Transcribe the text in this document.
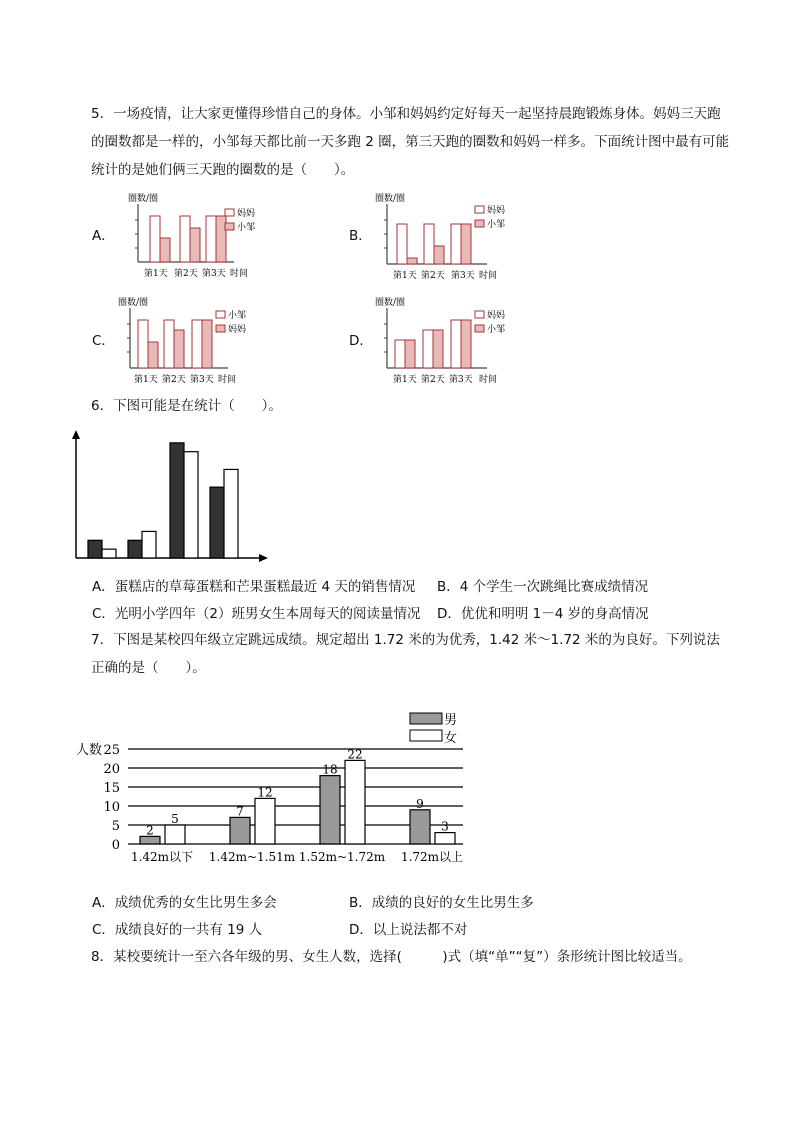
5．一场疫情，让大家更懂得珍惜自己的身体。小邹和妈妈约定好每天一起坚持晨跑锻炼身体。妈妈三天跑的圈数都是一样的，小邹每天都比前一天多跑 2 圈，第三天跑的圈数和妈妈一样多。下面统计图中最有可能统计的是她们俩三天跑的圈数的是（　　）。

A．	B．
C．	D．
圈数/圈
妈妈
小邹
第1天 第2天 第3天 时间
圈数/圈
妈妈
小邹
第1天 第2天 第3天 时间
圈数/圈
小邹
妈妈
第1天 第2天 第3天 时间
圈数/圈
妈妈
小邹
第1天 第2天 第3天 时间

6．下图可能是在统计（　　）。

A．蛋糕店的草莓蛋糕和芒果蛋糕最近 4 天的销售情况 B．4 个学生一次跳绳比赛成绩情况
C．光明小学四年（2）班男女生本周每天的阅读量情况 D．优优和明明 1－4 岁的身高情况

7．下图是某校四年级立定跳远成绩。规定超出 1.72 米的为优秀，1.42 米～1.72 米的为良好。下列说法正确的是（　　）。

人数
男
女
0
5
10
15
20
25
2
5
1.42m以下
7
12
1.42m~1.51m
18
22
1.52m~1.72m
9
3
1.72m以上
A．成绩优秀的女生比男生多会	B．成绩的良好的女生比男生多
C．成绩良好的一共有 19 人	D．以上说法都不对

8．某校要统计一至六各年级的男、女生人数，选择(　　　)式（填“单”“复”）条形统计图比较适当。
